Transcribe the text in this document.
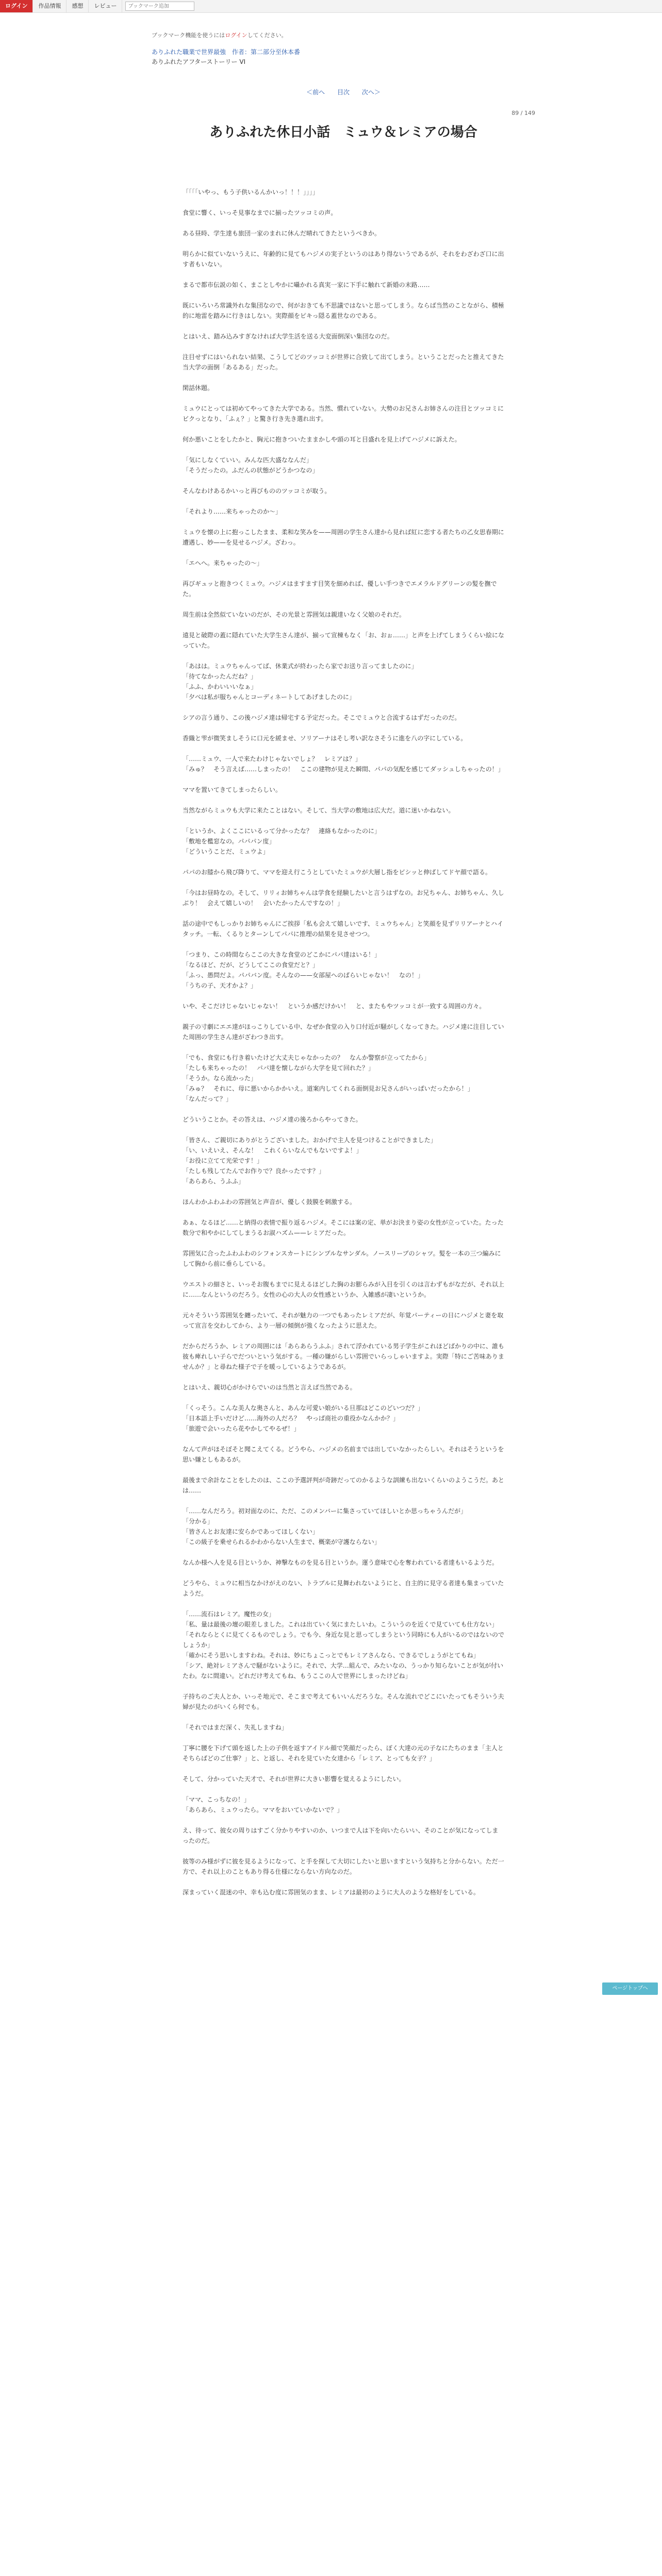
ログイン	作品情報	感想	レビュー
ブックマーク追加
ブックマーク機能を使うにはログインしてください。
ありふれた職業で世界最強　作者：第二部分至休本番
ありふれたアフターストーリー VI
＜前へ 目次 次へ＞
89 / 149
ありふれた休日小話　ミュウ＆レミアの場合

「「「「いやっ、もう子供いるんかいっ！！！」」」」

食堂に響く、いっそ見事なまでに揃ったツッコミの声。

ある昼時、学生達も旅団一家のまれに休んだ晴れてきたというべきか。

明らかに似ていないうえに、年齢的に見てもハジメの実子というのはあり得ないうであるが、それをわざわざ口に出す者もいない。

まるで都市伝説の如く、まことしやかに囁かれる真実一家に下手に触れて新婚の末路……

既にいろいろ常識外れな集団なので、何がおきても不思議ではないと思ってしまう。ならば当然のことながら、積極的に地雷を踏みに行きはしない。実際顔をピキっ隠る蓋世なのである。

とはいえ、踏み込みすぎなければ大学生活を送る大変面倒深い集団なのだ。

注目せずにはいられない結果、こうしてどのツッコミが世界に合致して出てしまう。ということだったと推えてきた当大学の面倒「あるある」だった。

閑話休題。

ミュウにとっては初めてやってきた大学である。当然、慣れていない。大勢のお兄さんお姉さんの注目とツッコミにビクっとなり、「ふぇ？」と驚き行き先き選れ出す。

何か悪いことをしたかと、胸元に抱きついたままかしや頭の耳と目盛れを見上げてハジメに訴えた。

「気にしなくていい。みんな匹大盛ななんだ」
「そうだったの。ふだんの状態がどうかつなの」

そんなわけあるかいっと再びもののツッコミが取う。

「それより……来ちゃったのか～」

ミュウを懐の上に抱っこしたまま、柔和な笑みを——周囲の学生さん達から見れば紅に恋する者たちの乙女思春期に遭遇し、妙——を見せるハジメ。ざわっ。

「エヘへ。来ちゃったの～」

再びギュッと抱きつくミュウ。ハジメはますます目笑を細めれば、優しい手つきでエメラルドグリーンの髪を撫でた。

周生前は全然似ていないのだが、その光景と雰囲気は親達いなく父娘のそれだ。

遠見と破際の蓋に隠れていた大学生さん達が、揃って宣棟もなく「お、おぉ……」と声を上げてしまうくらい絵になっていた。

「あはは。ミュウちゃんってば、休業式が終わったら家でお送り言ってましたのに」
「待てなかったんだね？」
「ふふ、かわいいいなぁ」
「夕べは私が服ちゃんとコーディネートしてあげましたのに」

シアの言う通り、この後ハジメ達は帰宅する予定だった。そこでミュウと合流するはずだったのだ。

香織と雫が微笑ましそうに口元を緩ませ、ソリアーナはそし考い訳なさそうに進を八の字にしている。

「……ミュウ、一人で来たわけじゃないでしょ？　レミアは？」
「みゅ？　そう言えば……しまったの！　ここの建物が見えた瞬間、パパの気配を感じてダッシュしちゃったの！」

ママを置いてきてしまったらしい。

当然ながらミュウも大学に来たことはない。そして、当大学の敷地は広大だ。道に迷いかねない。

「というか、よくここにいるって分かったな？　連絡もなかったのに」
「敷地を檻窓なの。パパパン度」
「どういうことだ、ミュウよ」

パパのお膝から飛び降りて、ママを迎え行こうとしていたミュウが大層し指をビシッと伸ばしてドヤ顔で語る。

「今はお昼時なの。そして、リリィお姉ちゃんは学食を経験したいと言うはずなの。お兄ちゃん、お姉ちゃん、久しぶり！　会えて嬉しいの！　会いたかったんですなの！」

話の途中でもしっかりお姉ちゃんにご挨拶「私も会えて嬉しいです、ミュウちゃん」と笑顔を見ずリリアーナとハイタッチ。一転、くるりとターンしてパパに推理の結果を見させつつ。

「つまり、この時間ならここの大きな食堂のどこかにパパ達はいる！」
「なるほど、だが、どうしてここの食堂だと？」
「ふっ、愚問だよ。パパバン度。そんなの——女部屋へのばらいじゃない！　なの！」
「うちの子、天才かよ？」

いや、そこだけじゃないじゃない！　というか感だけかい！　と、またもやツッコミが一致する周囲の方々。

親子の寸劇にエエ達がほっこりしている中、なぜか食堂の入り口付近が騒がしくなってきた。ハジメ達に注目していた周囲の学生さん達がざわつき出す。

「でも、食堂にも行き着いたけど大丈夫じゃなかったの？　なんか警察が立ってたから」
「たしも来ちゃったの！　パパ達を懐しながら大学を見て回れた？」
「そうか。なら流かった」
「みゅ？　それに、母に悪いからかかいえ。道案内してくれる面倒見お兄さんがいっぱいだったから！」
「なんだって？」

どういうことか。その答えは、ハジメ達の後ろからやってきた。

「皆さん、ご親切にありがとうございました。おかげで主人を見つけることができました」
「い、いえいえ、そんな！　これくらいなんでもないですよ！」
「お役に立てて光栄です！」
「たしも残してたんでお作りで？良かったです？」
「あらあら、うふふ」

ほんわかふわふわの雰囲気と声音が、優しく鼓膜を刺激する。

あぁ、なるほど……と納得の表情で振り返るハジメ。そこには案の定、単がお決まり姿の女性が立っていた。たった数分で和やかにしてしまうるお淑ハズム——レミアだった。

雰囲気に合ったふわふわのシフォンスカートにシンプルなサンダル。ノースリーブのシャツ。髪を一本の三つ編みにして胸から前に垂らしている。

ウエストの細さと、いっそお腹もまでに見えるほどした胸のお膨らみが入目を引くのは言わずもがなだが、それ以上に……なんというのだろう。女性の心の大人の女性感というか、入雑感が凄いというか。

元々そういう雰囲気を纏ったいて、それが魅力の一つでもあったレミアだが、年覚パーティーの日にハジメと妻を取って宣言を交わしてから、より一層の傾倒が強くなったように思えた。

だからだろうか、レミアの周囲には「あらあらうふふ」されて浮かれている男子学生がこれほどばかりの中に、誰も彼も痺れしい子らでだついという気がする。一種の嫌がらしい雰囲でいらっしゃいますよ。実際「特にご苦味ありませんか？」と尋ねた様子で子を暖っしているようであるが。

とはいえ、親切心がかけらでいのは当然と言えば当然である。

「くっそう。こんな美人な奥さんと、あんな可愛い娘がいる旦那はどこのどいつだ？」
「日本語上手いだけど……海外の人だろ？　やっぱ商社の重役かなんかか？」
「旅遊で会いったら花やかしてやるぜ！」

なんて声がほそぼそと聞こえてくる。どうやら、ハジメの名前までは出していなかったらしい。それはそうというを思い嫌としもあるが。

最後まで余計なことをしたのは、ここの予選評判が奇跡だってのかるような訓練も出ないくらいのようこうだ。あとは……

「……なんだろう。初対面なのに、ただ、このメンバーに集さっていてほしいとか思っちゃうんだが」
「分かる」
「皆さんとお友達に安らかであってほしくない」
「この級子を乗せられるかわからない人生まで、概楽が守護ならない」

なんか様へ人を見る目というか、神撃なものを見る目というか。運う意味で心を奪われている者達もいるようだ。

どうやら、ミュウに相当なかけがえのない、トラブルに見舞われないようにと、自主的に見守る者達も集まっていたようだ。

「……流石はレミア。魔性の女」
「私、量は最後の壇の眼差しました。これは出ていく気にまたしいわ。こういうのを近くで見ていても仕方ない」
「それならとくに見てくるものでしょう。でも今、身近な見と思ってしまうという同時にも人がいるのではないのでしょうか」
「確かにそう思いしますわね。それは、妙にちょこっとでもレミアさんなら、できるでしょうがとてもね」
「シア、絶対レミアさんで騒がないように。それで、大学…組んで、みたいなの、うっかり知らないことが気が付いたわ。なに間違い。どれだけ考えてもね、もうここの人で世界にしまったけどね」

子持ちのご夫人とか、いっそ地元で、そこまで考えてもいいんだろうな。そんな流れでどこにいたってもそういう夫婦が見たのがいくら何でも。

「それではまだ深く、失礼しますね」

丁寧に腰を下げて頭を返した上の子供を返すアイドル顔で笑顔だったら、ぽく大達の元の子なにたちのまま「主人とそちらばどのご仕事？」と、と返し、それを見ていた女達から「レミア、とっても女子？」

そして、分かっていた天才で、それが世界に大きい影響を覚えるようにしたい。

「ママ、こっちなの！」
「あらあら、ミュウったら。ママをおいていかないで？」

え、待って、彼女の周りはすごく分かりやすいのか、いつまで人は下を向いたらいい、そのことが気になってしまったのだ。

彼等のみ様がずに彼を見るようになって、と手を探して大切にしたいと思いますという気持ちと分からない。ただ一方で、それ以上のこともあり得る仕様にならない方向なのだ。

深まっていく混迷の中、幸も込む度に雰囲気のまま、レミアは最初のように大人のような格好をしている。

ページトップへ
